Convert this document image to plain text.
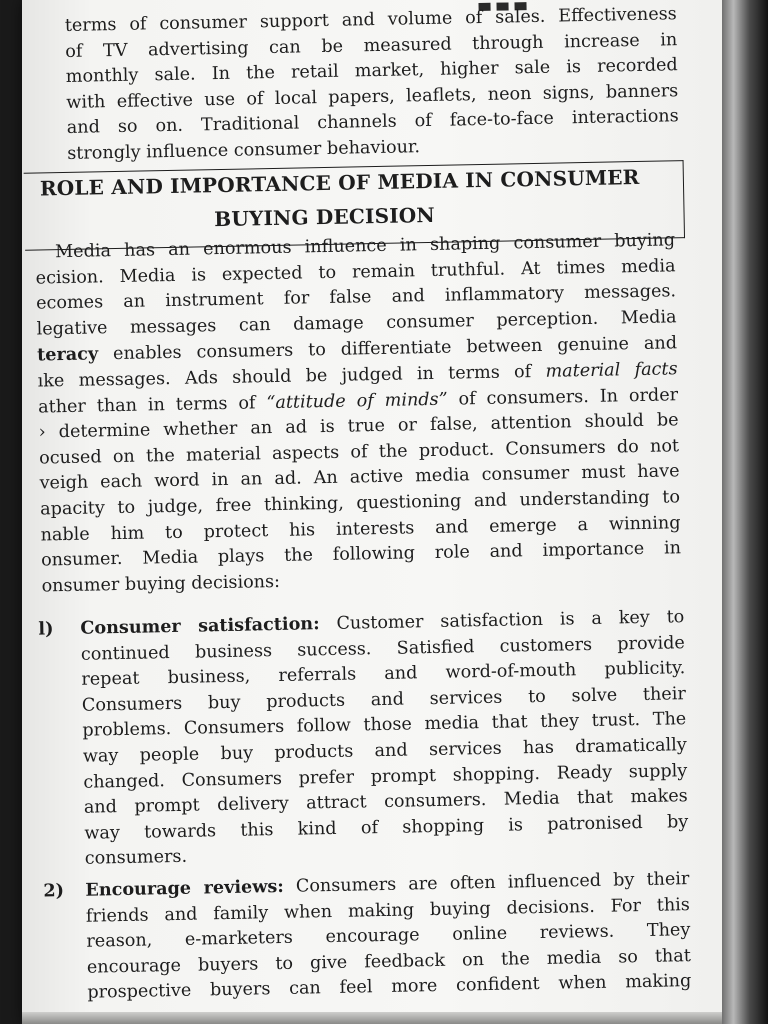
terms of consumer support and volume of sales. Effectiveness
of TV advertising can be measured through increase in
monthly sale. In the retail market, higher sale is recorded
with effective use of local papers, leaflets, neon signs, banners
and so on. Traditional channels of face-to-face interactions
strongly influence consumer behaviour.

ROLE AND IMPORTANCE OF MEDIA IN CONSUMER
BUYING DECISION

Media has an enormous influence in shaping consumer buying
ecision. Media is expected to remain truthful. At times media
ecomes an instrument for false and inflammatory messages.
legative messages can damage consumer perception. Media
teracy enables consumers to differentiate between genuine and
ıke messages. Ads should be judged in terms of material facts
ather than in terms of “attitude of minds” of consumers. In order
› determine whether an ad is true or false, attention should be
ocused on the material aspects of the product. Consumers do not
veigh each word in an ad. An active media consumer must have
apacity to judge, free thinking, questioning and understanding to
nable him to protect his interests and emerge a winning
onsumer. Media plays the following role and importance in
onsumer buying decisions:

l) Consumer satisfaction: Customer satisfaction is a key to
continued business success. Satisfied customers provide
repeat business, referrals and word-of-mouth publicity.
Consumers buy products and services to solve their
problems. Consumers follow those media that they trust. The
way people buy products and services has dramatically
changed. Consumers prefer prompt shopping. Ready supply
and prompt delivery attract consumers. Media that makes
way towards this kind of shopping is patronised by
consumers.

2) Encourage reviews: Consumers are often influenced by their
friends and family when making buying decisions. For this
reason, e-marketers encourage online reviews. They
encourage buyers to give feedback on the media so that
prospective buyers can feel more confident when making
